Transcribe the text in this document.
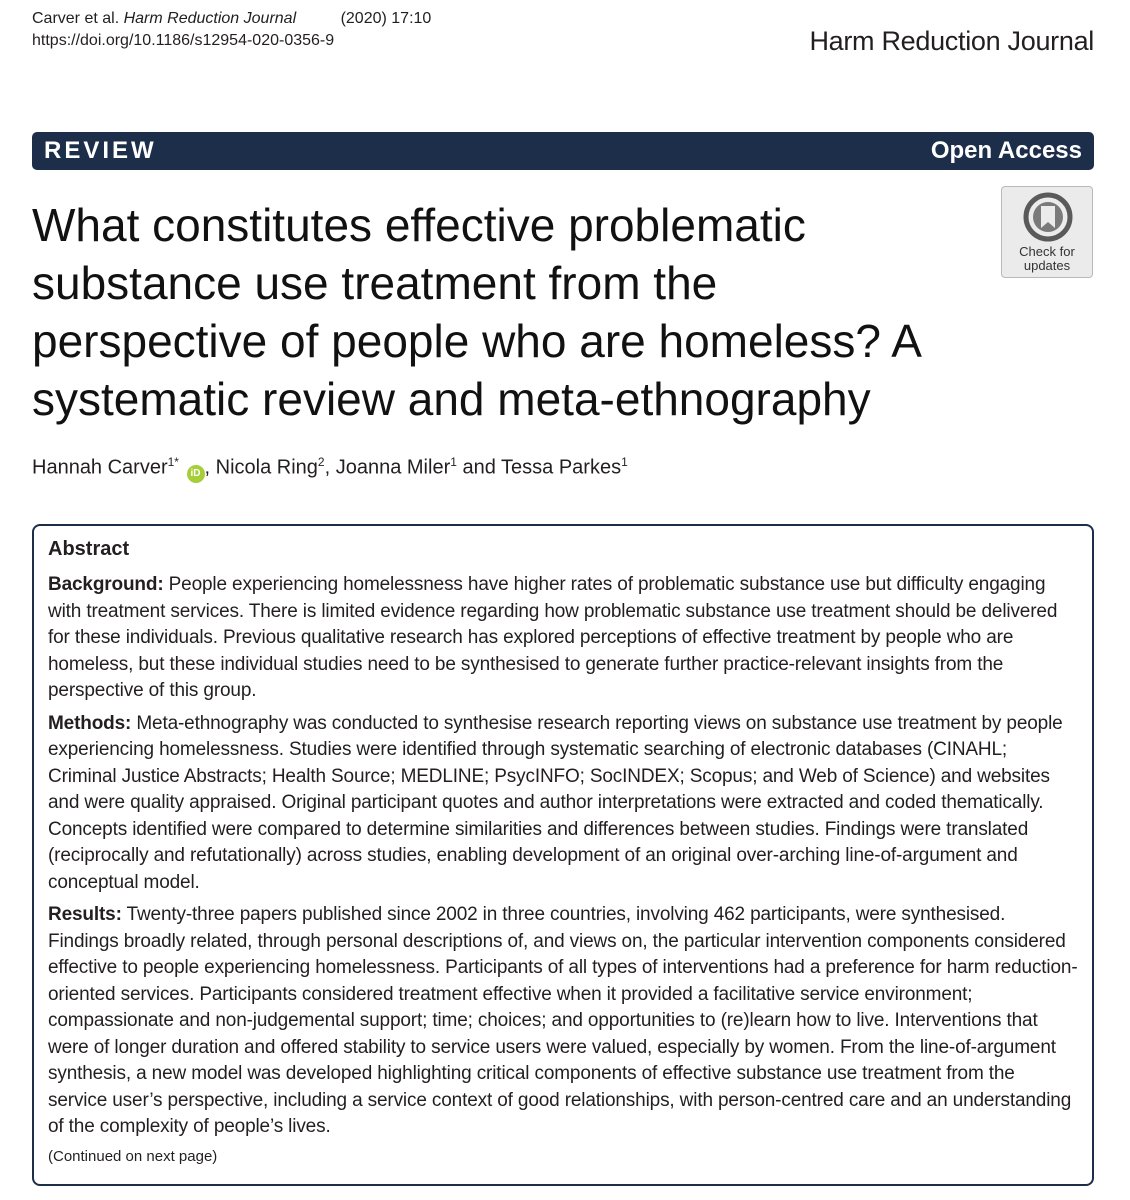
Carver et al. Harm Reduction Journal	(2020) 17:10
https://doi.org/10.1186/s12954-020-0356-9	Harm Reduction Journal
REVIEW	Open Access
What constitutes effective problematic
substance use treatment from the
perspective of people who are homeless? A
systematic review and meta-ethnography
Check for
updates
Hannah Carver$^{1*}$ iD , Nicola Ring$^2$, Joanna Miler$^1$ and Tessa Parkes$^1$
Abstract

Background: People experiencing homelessness have higher rates of problematic substance use but difficulty engaging with treatment services. There is limited evidence regarding how problematic substance use treatment should be delivered for these individuals. Previous qualitative research has explored perceptions of effective treatment by people who are homeless, but these individual studies need to be synthesised to generate further practice-relevant insights from the perspective of this group.

Methods: Meta-ethnography was conducted to synthesise research reporting views on substance use treatment by people experiencing homelessness. Studies were identified through systematic searching of electronic databases (CINAHL; Criminal Justice Abstracts; Health Source; MEDLINE; PsycINFO; SocINDEX; Scopus; and Web of Science) and websites and were quality appraised. Original participant quotes and author interpretations were extracted and coded thematically. Concepts identified were compared to determine similarities and differences between studies. Findings were translated (reciprocally and refutationally) across studies, enabling development of an original over-arching line-of-argument and conceptual model.

Results: Twenty-three papers published since 2002 in three countries, involving 462 participants, were synthesised. Findings broadly related, through personal descriptions of, and views on, the particular intervention components considered effective to people experiencing homelessness. Participants of all types of interventions had a preference for harm reduction-oriented services. Participants considered treatment effective when it provided a facilitative service environment; compassionate and non-judgemental support; time; choices; and opportunities to (re)learn how to live. Interventions that were of longer duration and offered stability to service users were valued, especially by women. From the line-of-argument synthesis, a new model was developed highlighting critical components of effective substance use treatment from the service user’s perspective, including a service context of good relationships, with person-centred care and an understanding of the complexity of people’s lives.

(Continued on next page)
